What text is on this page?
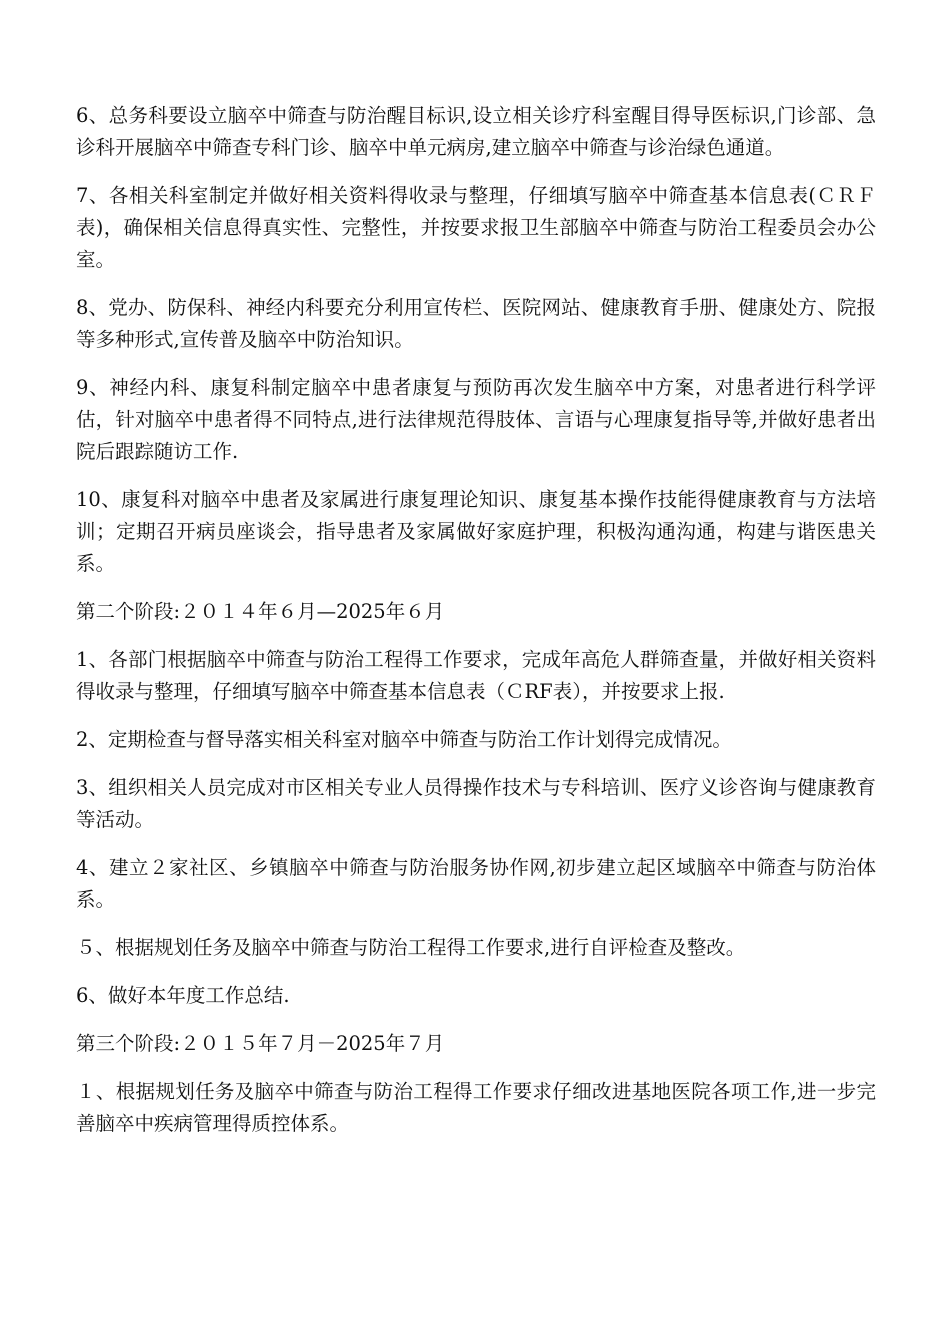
6、总务科要设立脑卒中筛查与防治醒目标识,设立相关诊疗科室醒目得导医标识,门诊部、急诊科开展脑卒中筛查专科门诊、脑卒中单元病房,建立脑卒中筛查与诊治绿色通道。

7、各相关科室制定并做好相关资料得收录与整理，仔细填写脑卒中筛查基本信息表(ＣＲＦ表)，确保相关信息得真实性、完整性，并按要求报卫生部脑卒中筛查与防治工程委员会办公室。

8、党办、防保科、神经内科要充分利用宣传栏、医院网站、健康教育手册、健康处方、院报等多种形式,宣传普及脑卒中防治知识。

9、神经内科、康复科制定脑卒中患者康复与预防再次发生脑卒中方案，对患者进行科学评估，针对脑卒中患者得不同特点,进行法律规范得肢体、言语与心理康复指导等,并做好患者出院后跟踪随访工作.

10、康复科对脑卒中患者及家属进行康复理论知识、康复基本操作技能得健康教育与方法培训；定期召开病员座谈会，指导患者及家属做好家庭护理，积极沟通沟通，构建与谐医患关系。

第二个阶段:２０１４年６月—2025年６月

1、各部门根据脑卒中筛查与防治工程得工作要求，完成年高危人群筛查量，并做好相关资料得收录与整理，仔细填写脑卒中筛查基本信息表（ＣRF表），并按要求上报.

2、定期检查与督导落实相关科室对脑卒中筛查与防治工作计划得完成情况。

3、组织相关人员完成对市区相关专业人员得操作技术与专科培训、医疗义诊咨询与健康教育等活动。

4、建立２家社区、乡镇脑卒中筛查与防治服务协作网,初步建立起区域脑卒中筛查与防治体系。

５、根据规划任务及脑卒中筛查与防治工程得工作要求,进行自评检查及整改。

6、做好本年度工作总结.

第三个阶段:２０１５年７月－2025年７月

１、根据规划任务及脑卒中筛查与防治工程得工作要求仔细改进基地医院各项工作,进一步完善脑卒中疾病管理得质控体系。
